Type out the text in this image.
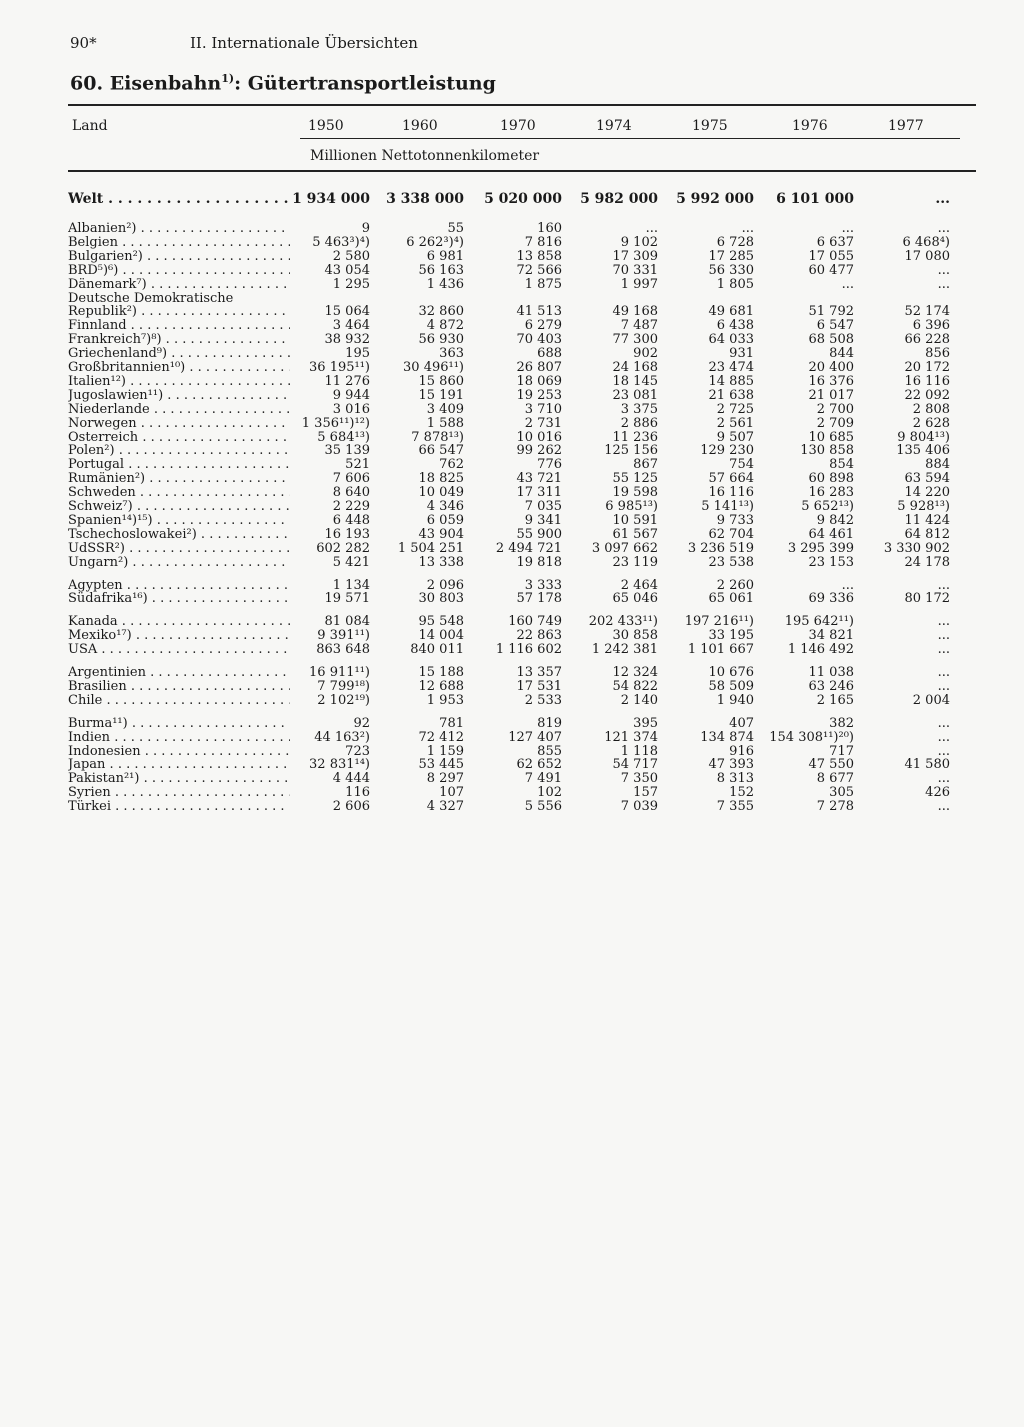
90*	II. Internationale Übersichten
60. Eisenbahn$^{1)}$: Gütertransportleistung
Land	1950	1960	1970	1974	1975	1976	1977
Millionen Nettotonnenkilometer
Welt . . .	1 934 000	3 338 000	5 020 000	5 982 000	5 992 000	6 101 000	...
Albanien²) . . .	9	55	160	...	...	...	...
Belgien . . .	5 463³)⁴)	6 262³)⁴)	7 816	9 102	6 728	6 637	6 468⁴)
Bulgarien²) . . .	2 580	6 981	13 858	17 309	17 285	17 055	17 080
BRD⁵)⁶) . . .	43 054	56 163	72 566	70 331	56 330	60 477	...
Dänemark⁷) . . .	1 295	1 436	1 875	1 997	1 805	...	...
Deutsche Demokratische
Republik²) . . .	15 064	32 860	41 513	49 168	49 681	51 792	52 174
Finnland . . .	3 464	4 872	6 279	7 487	6 438	6 547	6 396
Frankreich⁷)⁸) . . .	38 932	56 930	70 403	77 300	64 033	68 508	66 228
Griechenland⁹) . . .	195	363	688	902	931	844	856
Großbritannien¹⁰) . . .	36 195¹¹)	30 496¹¹)	26 807	24 168	23 474	20 400	20 172
Italien¹²) . . .	11 276	15 860	18 069	18 145	14 885	16 376	16 116
Jugoslawien¹¹) . . .	9 944	15 191	19 253	23 081	21 638	21 017	22 092
Niederlande . . .	3 016	3 409	3 710	3 375	2 725	2 700	2 808
Norwegen . . .	1 356¹¹)¹²)	1 588	2 731	2 886	2 561	2 709	2 628
Österreich . . .	5 684¹³)	7 878¹³)	10 016	11 236	9 507	10 685	9 804¹³)
Polen²) . . .	35 139	66 547	99 262	125 156	129 230	130 858	135 406
Portugal . . .	521	762	776	867	754	854	884
Rumänien²) . . .	7 606	18 825	43 721	55 125	57 664	60 898	63 594
Schweden . . .	8 640	10 049	17 311	19 598	16 116	16 283	14 220
Schweiz⁷) . . .	2 229	4 346	7 035	6 985¹³)	5 141¹³)	5 652¹³)	5 928¹³)
Spanien¹⁴)¹⁵) . . .	6 448	6 059	9 341	10 591	9 733	9 842	11 424
Tschechoslowakei²) . . .	16 193	43 904	55 900	61 567	62 704	64 461	64 812
UdSSR²) . . .	602 282	1 504 251	2 494 721	3 097 662	3 236 519	3 295 399	3 330 902
Ungarn²) . . .	5 421	13 338	19 818	23 119	23 538	23 153	24 178
Ägypten . . .	1 134	2 096	3 333	2 464	2 260	...	...
Südafrika¹⁶) . . .	19 571	30 803	57 178	65 046	65 061	69 336	80 172
Kanada . . .	81 084	95 548	160 749	202 433¹¹)	197 216¹¹)	195 642¹¹)	...
Mexiko¹⁷) . . .	9 391¹¹)	14 004	22 863	30 858	33 195	34 821	...
USA . . .	863 648	840 011	1 116 602	1 242 381	1 101 667	1 146 492	...
Argentinien . . .	16 911¹¹)	15 188	13 357	12 324	10 676	11 038	...
Brasilien . . .	7 799¹⁸)	12 688	17 531	54 822	58 509	63 246	...
Chile . . .	2 102¹⁹)	1 953	2 533	2 140	1 940	2 165	2 004
Burma¹¹) . . .	92	781	819	395	407	382	...
Indien . . .	44 163²)	72 412	127 407	121 374	134 874	154 308¹¹)²⁰)	...
Indonesien . . .	723	1 159	855	1 118	916	717	...
Japan . . .	32 831¹⁴)	53 445	62 652	54 717	47 393	47 550	41 580
Pakistan²¹) . . .	4 444	8 297	7 491	7 350	8 313	8 677	...
Syrien . . .	116	107	102	157	152	305	426
Türkei . . .	2 606	4 327	5 556	7 039	7 355	7 278	...
